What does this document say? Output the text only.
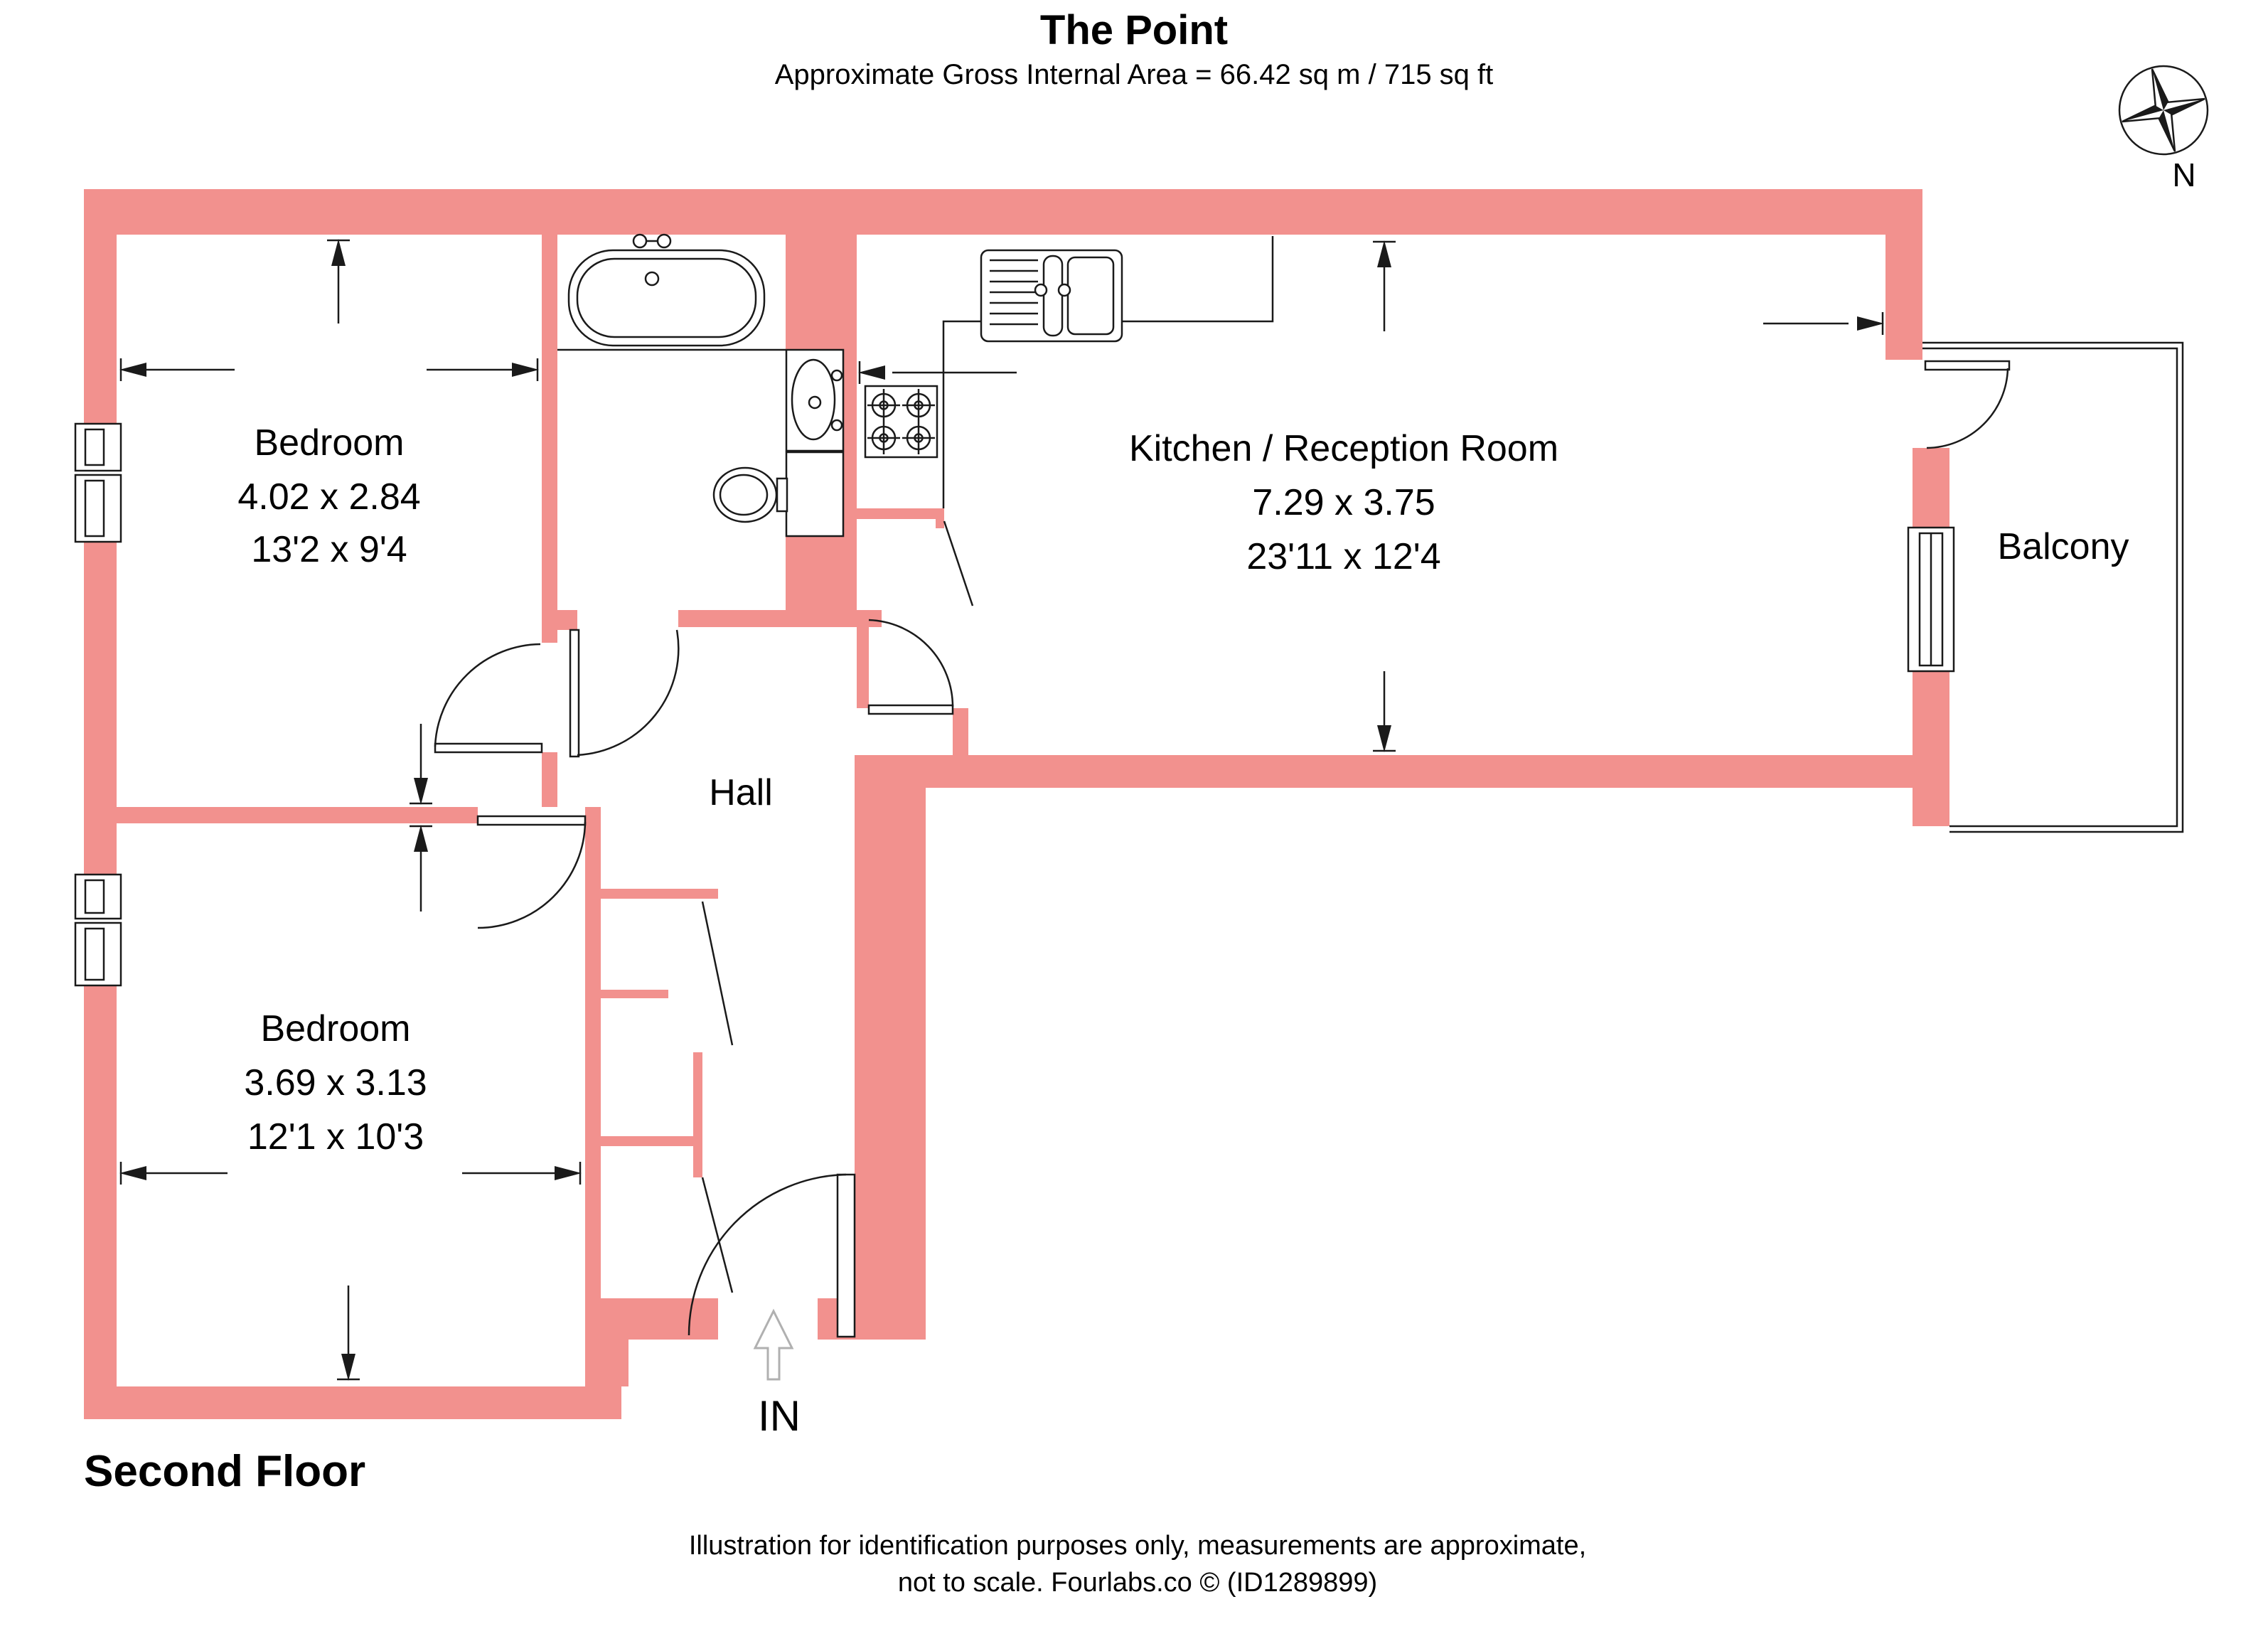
The Point
Approximate Gross Internal Area = 66.42 sq m / 715 sq ft
N
Bedroom
4.02 x 2.84
13'2 x 9'4
Kitchen / Reception Room
7.29 x 3.75
23'11 x 12'4	Balcony
Hall
Bedroom
3.69 x 3.13
12'1 x 10'3
IN
Second Floor
Illustration for identification purposes only, measurements are approximate,
not to scale. Fourlabs.co © (ID1289899)
